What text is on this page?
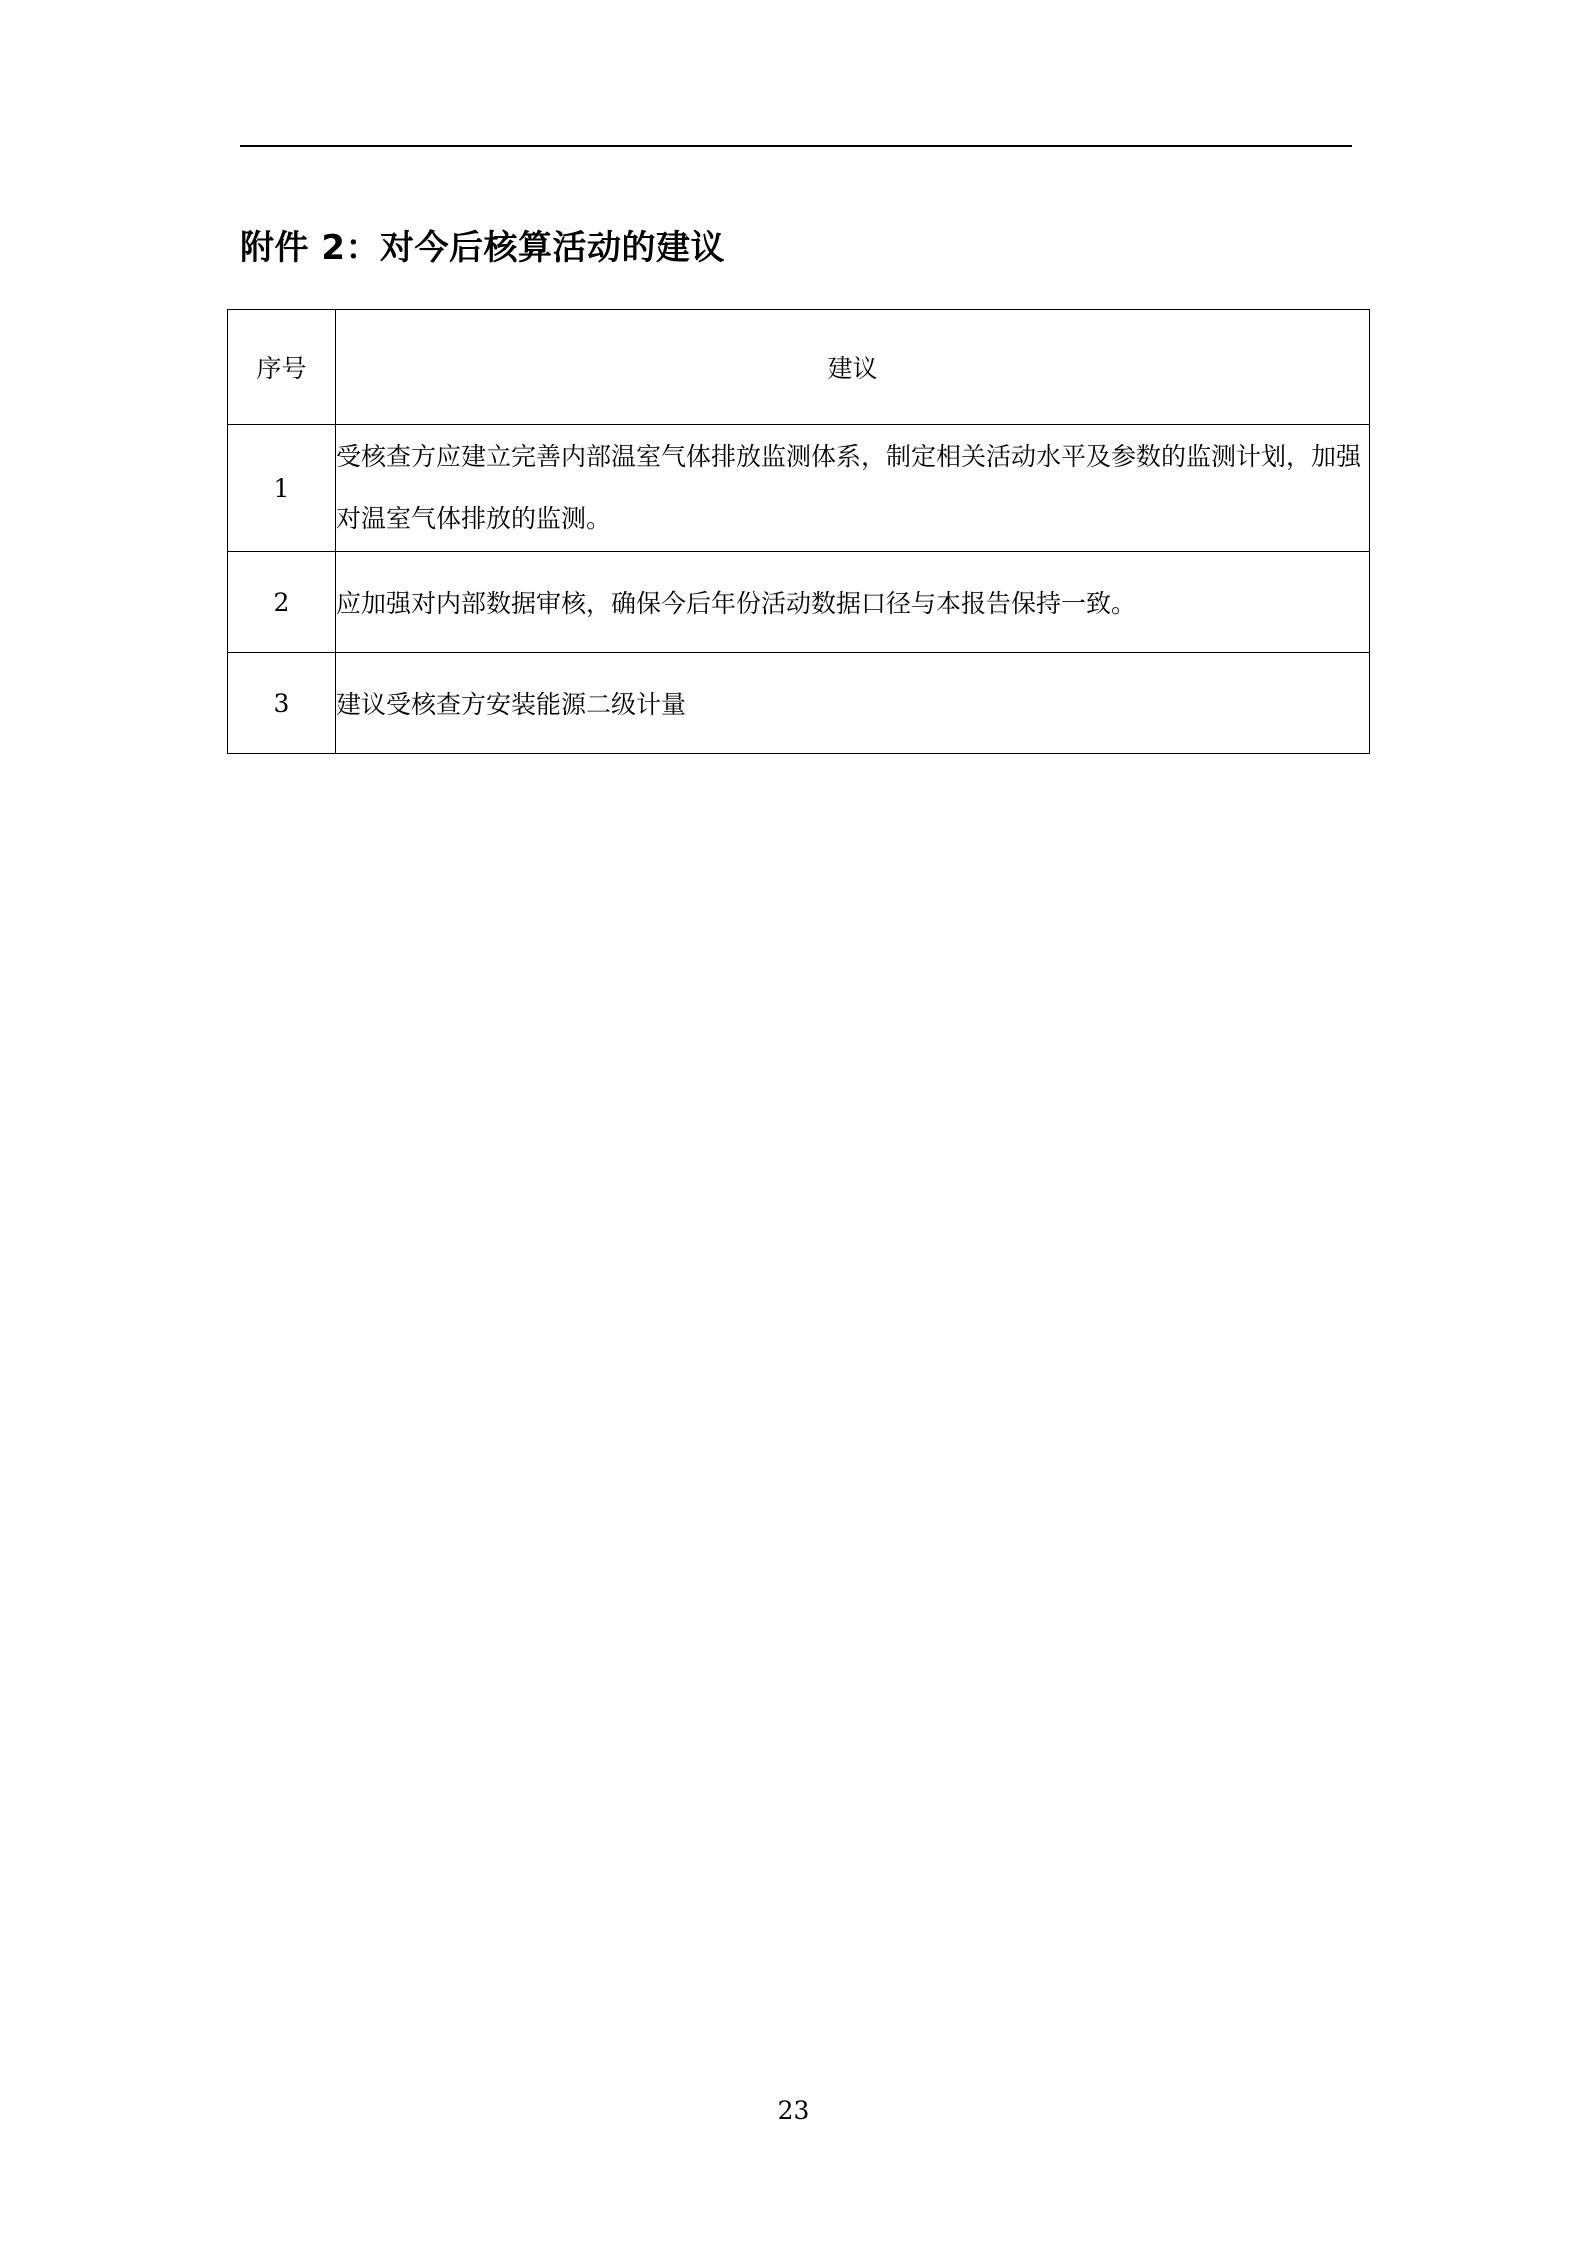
附件 2：对今后核算活动的建议
序号	建议
1	受核查方应建立完善内部温室气体排放监测体系，制定相关活动水平及参数的监测计划，加强对温室气体排放的监测。
2	应加强对内部数据审核，确保今后年份活动数据口径与本报告保持一致。
3	建议受核查方安装能源二级计量
23
